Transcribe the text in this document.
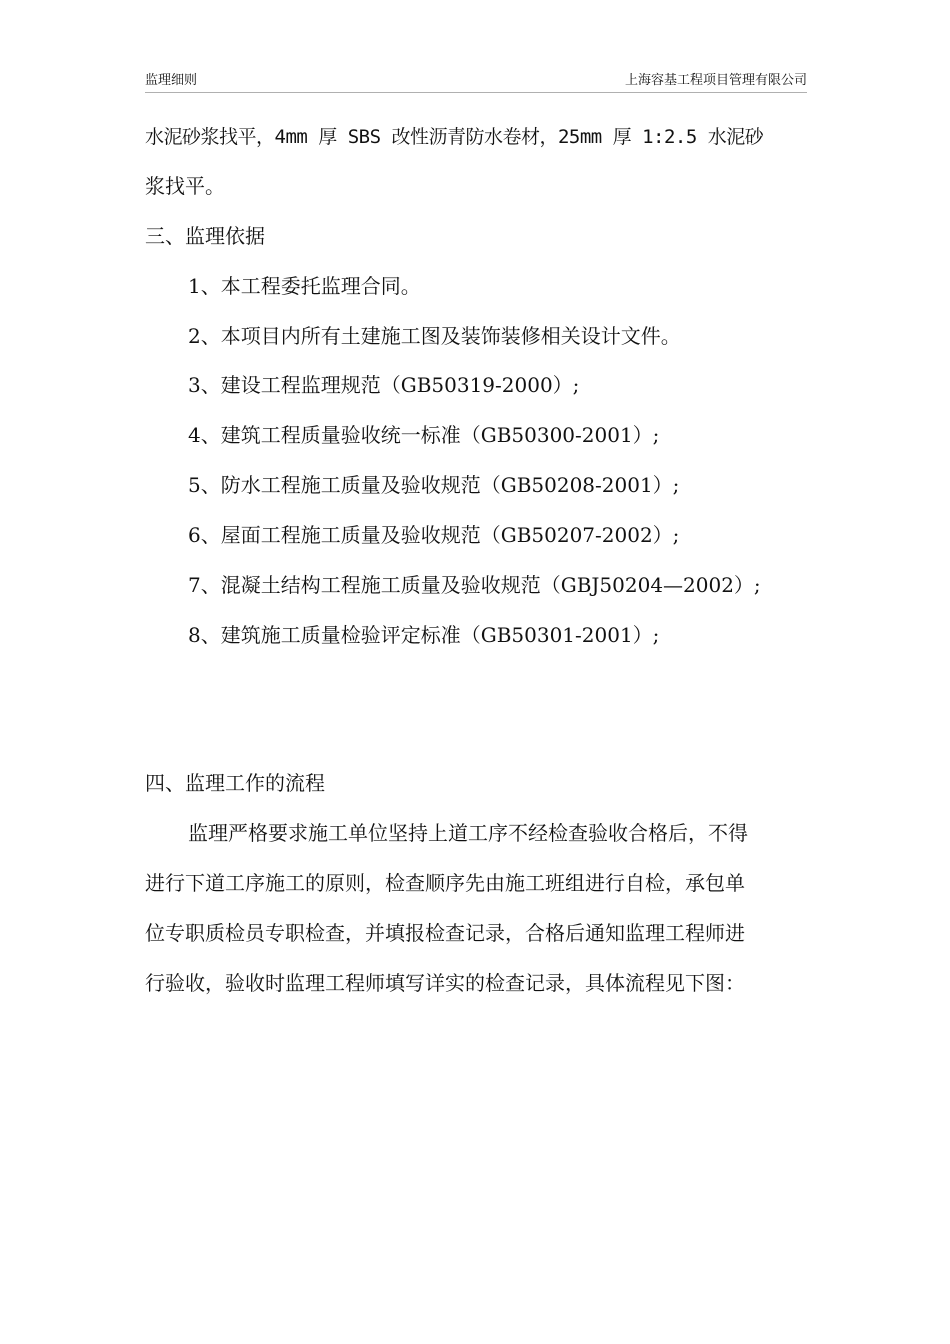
监理细则	上海容基工程项目管理有限公司
水泥砂浆找平，4mm 厚 SBS 改性沥青防水卷材，25mm 厚 1:2.5 水泥砂
浆找平。
三、监理依据
1、本工程委托监理合同。
2、本项目内所有土建施工图及装饰装修相关设计文件。
3、建设工程监理规范（GB50319-2000）;
4、建筑工程质量验收统一标准（GB50300-2001）;
5、防水工程施工质量及验收规范（GB50208-2001）;
6、屋面工程施工质量及验收规范（GB50207-2002）;
7、混凝土结构工程施工质量及验收规范（GBJ50204—2002）;
8、建筑施工质量检验评定标准（GB50301-2001）;
四、监理工作的流程
监理严格要求施工单位坚持上道工序不经检查验收合格后，不得
进行下道工序施工的原则，检查顺序先由施工班组进行自检，承包单
位专职质检员专职检查，并填报检查记录，合格后通知监理工程师进
行验收，验收时监理工程师填写详实的检查记录，具体流程见下图：
